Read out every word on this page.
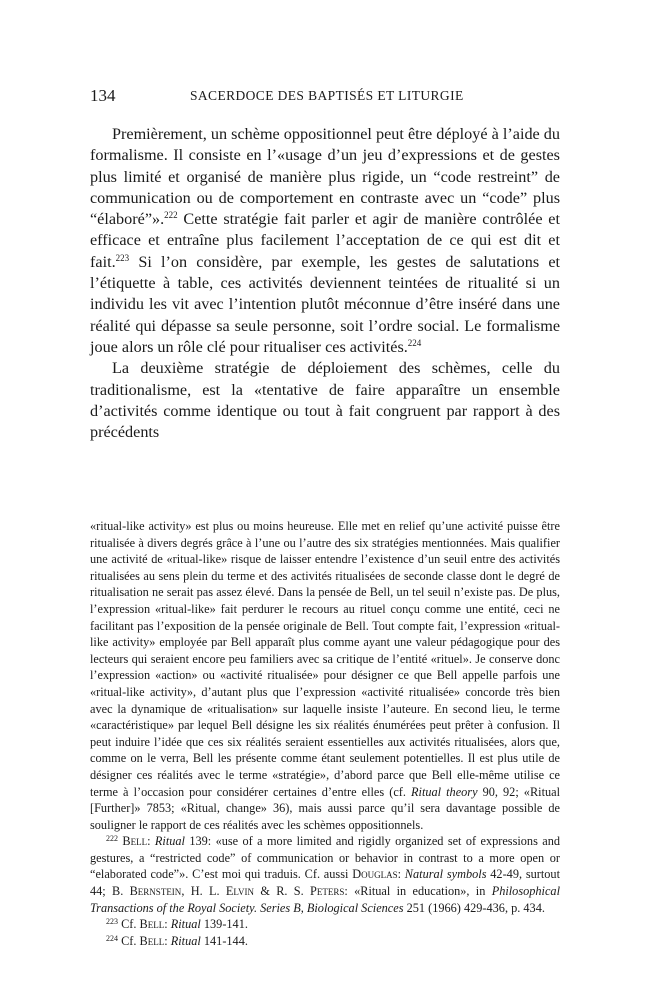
134	SACERDOCE DES BAPTISÉS ET LITURGIE

Premièrement, un schème oppositionnel peut être déployé à l’aide du formalisme. Il consiste en l’«usage d’un jeu d’expressions et de gestes plus limité et organisé de manière plus rigide, un “code restreint” de communication ou de comportement en contraste avec un “code” plus “élaboré”».$^{222}$ Cette stratégie fait parler et agir de manière contrôlée et efficace et entraîne plus facilement l’acceptation de ce qui est dit et fait.$^{223}$ Si l’on considère, par exemple, les gestes de salutations et l’étiquette à table, ces activités deviennent teintées de ritualité si un individu les vit avec l’intention plutôt méconnue d’être inséré dans une réalité qui dépasse sa seule personne, soit l’ordre social. Le formalisme joue alors un rôle clé pour ritualiser ces activités.$^{224}$

La deuxième stratégie de déploiement des schèmes, celle du traditionalisme, est la «tentative de faire apparaître un ensemble d’activités comme identique ou tout à fait congruent par rapport à des précédents

«ritual-like activity» est plus ou moins heureuse. Elle met en relief qu’une activité puisse être ritualisée à divers degrés grâce à l’une ou l’autre des six stratégies mentionnées. Mais qualifier une activité de «ritual-like» risque de laisser entendre l’existence d’un seuil entre des activités ritualisées au sens plein du terme et des activités ritualisées de seconde classe dont le degré de ritualisation ne serait pas assez élevé. Dans la pensée de Bell, un tel seuil n’existe pas. De plus, l’expression «ritual-like» fait perdurer le recours au rituel conçu comme une entité, ceci ne facilitant pas l’exposition de la pensée originale de Bell. Tout compte fait, l’expression «ritual-like activity» employée par Bell apparaît plus comme ayant une valeur pédagogique pour des lecteurs qui seraient encore peu familiers avec sa critique de l’entité «rituel». Je conserve donc l’expression «action» ou «activité ritualisée» pour désigner ce que Bell appelle parfois une «ritual-like activity», d’autant plus que l’expression «activité ritualisée» concorde très bien avec la dynamique de «ritualisation» sur laquelle insiste l’auteure. En second lieu, le terme «caractéristique» par lequel Bell désigne les six réalités énumérées peut prêter à confusion. Il peut induire l’idée que ces six réalités seraient essentielles aux activités ritualisées, alors que, comme on le verra, Bell les présente comme étant seulement potentielles. Il est plus utile de désigner ces réalités avec le terme «stratégie», d’abord parce que Bell elle-même utilise ce terme à l’occasion pour considérer certaines d’entre elles (cf. Ritual theory 90, 92; «Ritual [Further]» 7853; «Ritual, change» 36), mais aussi parce qu’il sera davantage possible de souligner le rapport de ces réalités avec les schèmes oppositionnels.

$^{222}$ Bell: Ritual 139: «use of a more limited and rigidly organized set of expressions and gestures, a “restricted code” of communication or behavior in contrast to a more open or “elaborated code”». C’est moi qui traduis. Cf. aussi Douglas: Natural symbols 42-49, surtout 44; B. Bernstein, H. L. Elvin & R. S. Peters: «Ritual in education», in Philosophical Transactions of the Royal Society. Series B, Biological Sciences 251 (1966) 429-436, p. 434.

$^{223}$ Cf. Bell: Ritual 139-141.

$^{224}$ Cf. Bell: Ritual 141-144.
